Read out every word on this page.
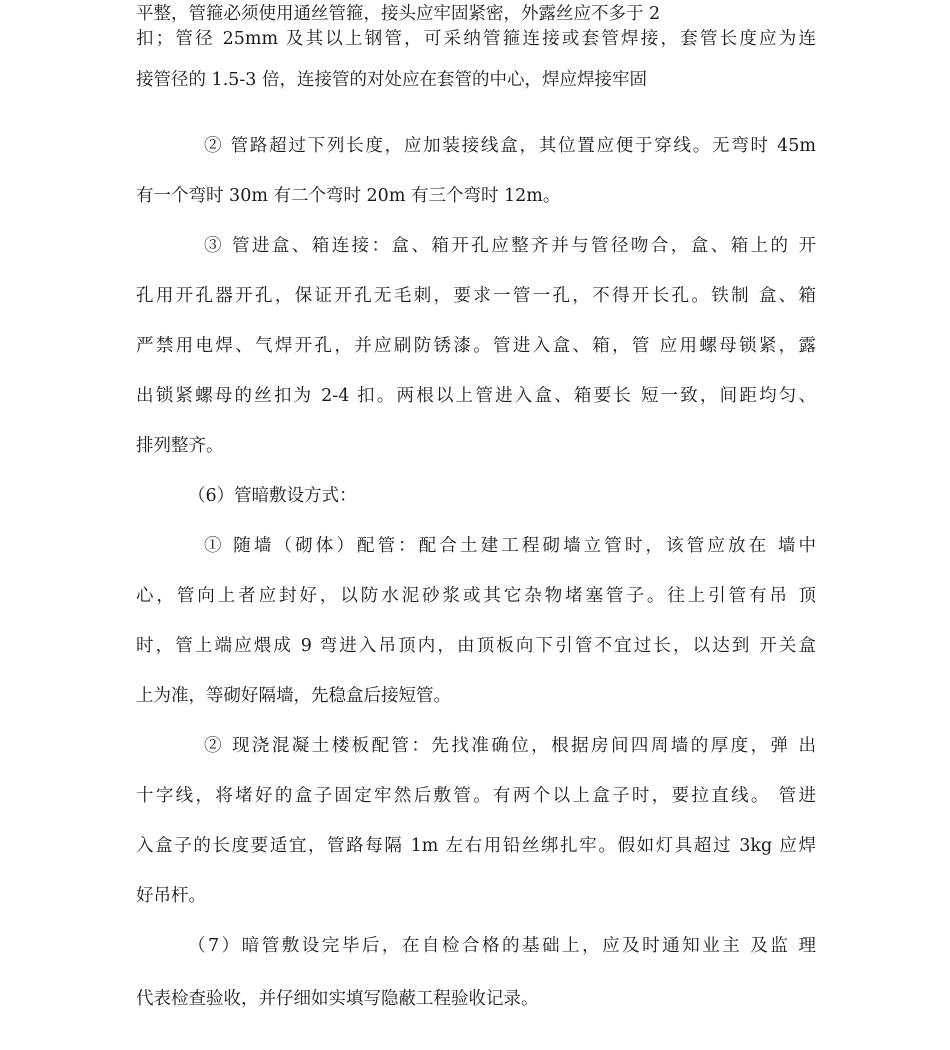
平整，管箍必须使用通丝管箍，接头应牢固紧密，外露丝应不多于 2
扣；管径 25mm 及其以上钢管，可采纳管箍连接或套管焊接，套管长度应为连
接管径的 1.5-3 倍，连接管的对处应在套管的中心，焊应焊接牢固
② 管路超过下列长度，应加装接线盒，其位置应便于穿线。无弯时 45m
有一个弯时 30m 有二个弯时 20m 有三个弯时 12m。
③ 管进盒、箱连接：盒、箱开孔应整齐并与管径吻合，盒、箱上的 开
孔用开孔器开孔，保证开孔无毛刺，要求一管一孔，不得开长孔。铁制 盒、箱
严禁用电焊、气焊开孔，并应刷防锈漆。管进入盒、箱，管 应用螺母锁紧，露
出锁紧螺母的丝扣为 2-4 扣。两根以上管进入盒、箱要长 短一致，间距均匀、
排列整齐。
（6）管暗敷设方式：
① 随墙（砌体）配管：配合土建工程砌墙立管时，该管应放在 墙中
心，管向上者应封好，以防水泥砂浆或其它杂物堵塞管子。往上引管有吊 顶
时，管上端应煨成 9 弯进入吊顶内，由顶板向下引管不宜过长，以达到 开关盒
上为准，等砌好隔墙，先稳盒后接短管。
② 现浇混凝土楼板配管：先找准确位，根据房间四周墙的厚度，弹 出
十字线，将堵好的盒子固定牢然后敷管。有两个以上盒子时，要拉直线。 管进
入盒子的长度要适宜，管路每隔 1m 左右用铅丝绑扎牢。假如灯具超过 3kg 应焊
好吊杆。
（7）暗管敷设完毕后，在自检合格的基础上，应及时通知业主 及监 理
代表检查验收，并仔细如实填写隐蔽工程验收记录。
